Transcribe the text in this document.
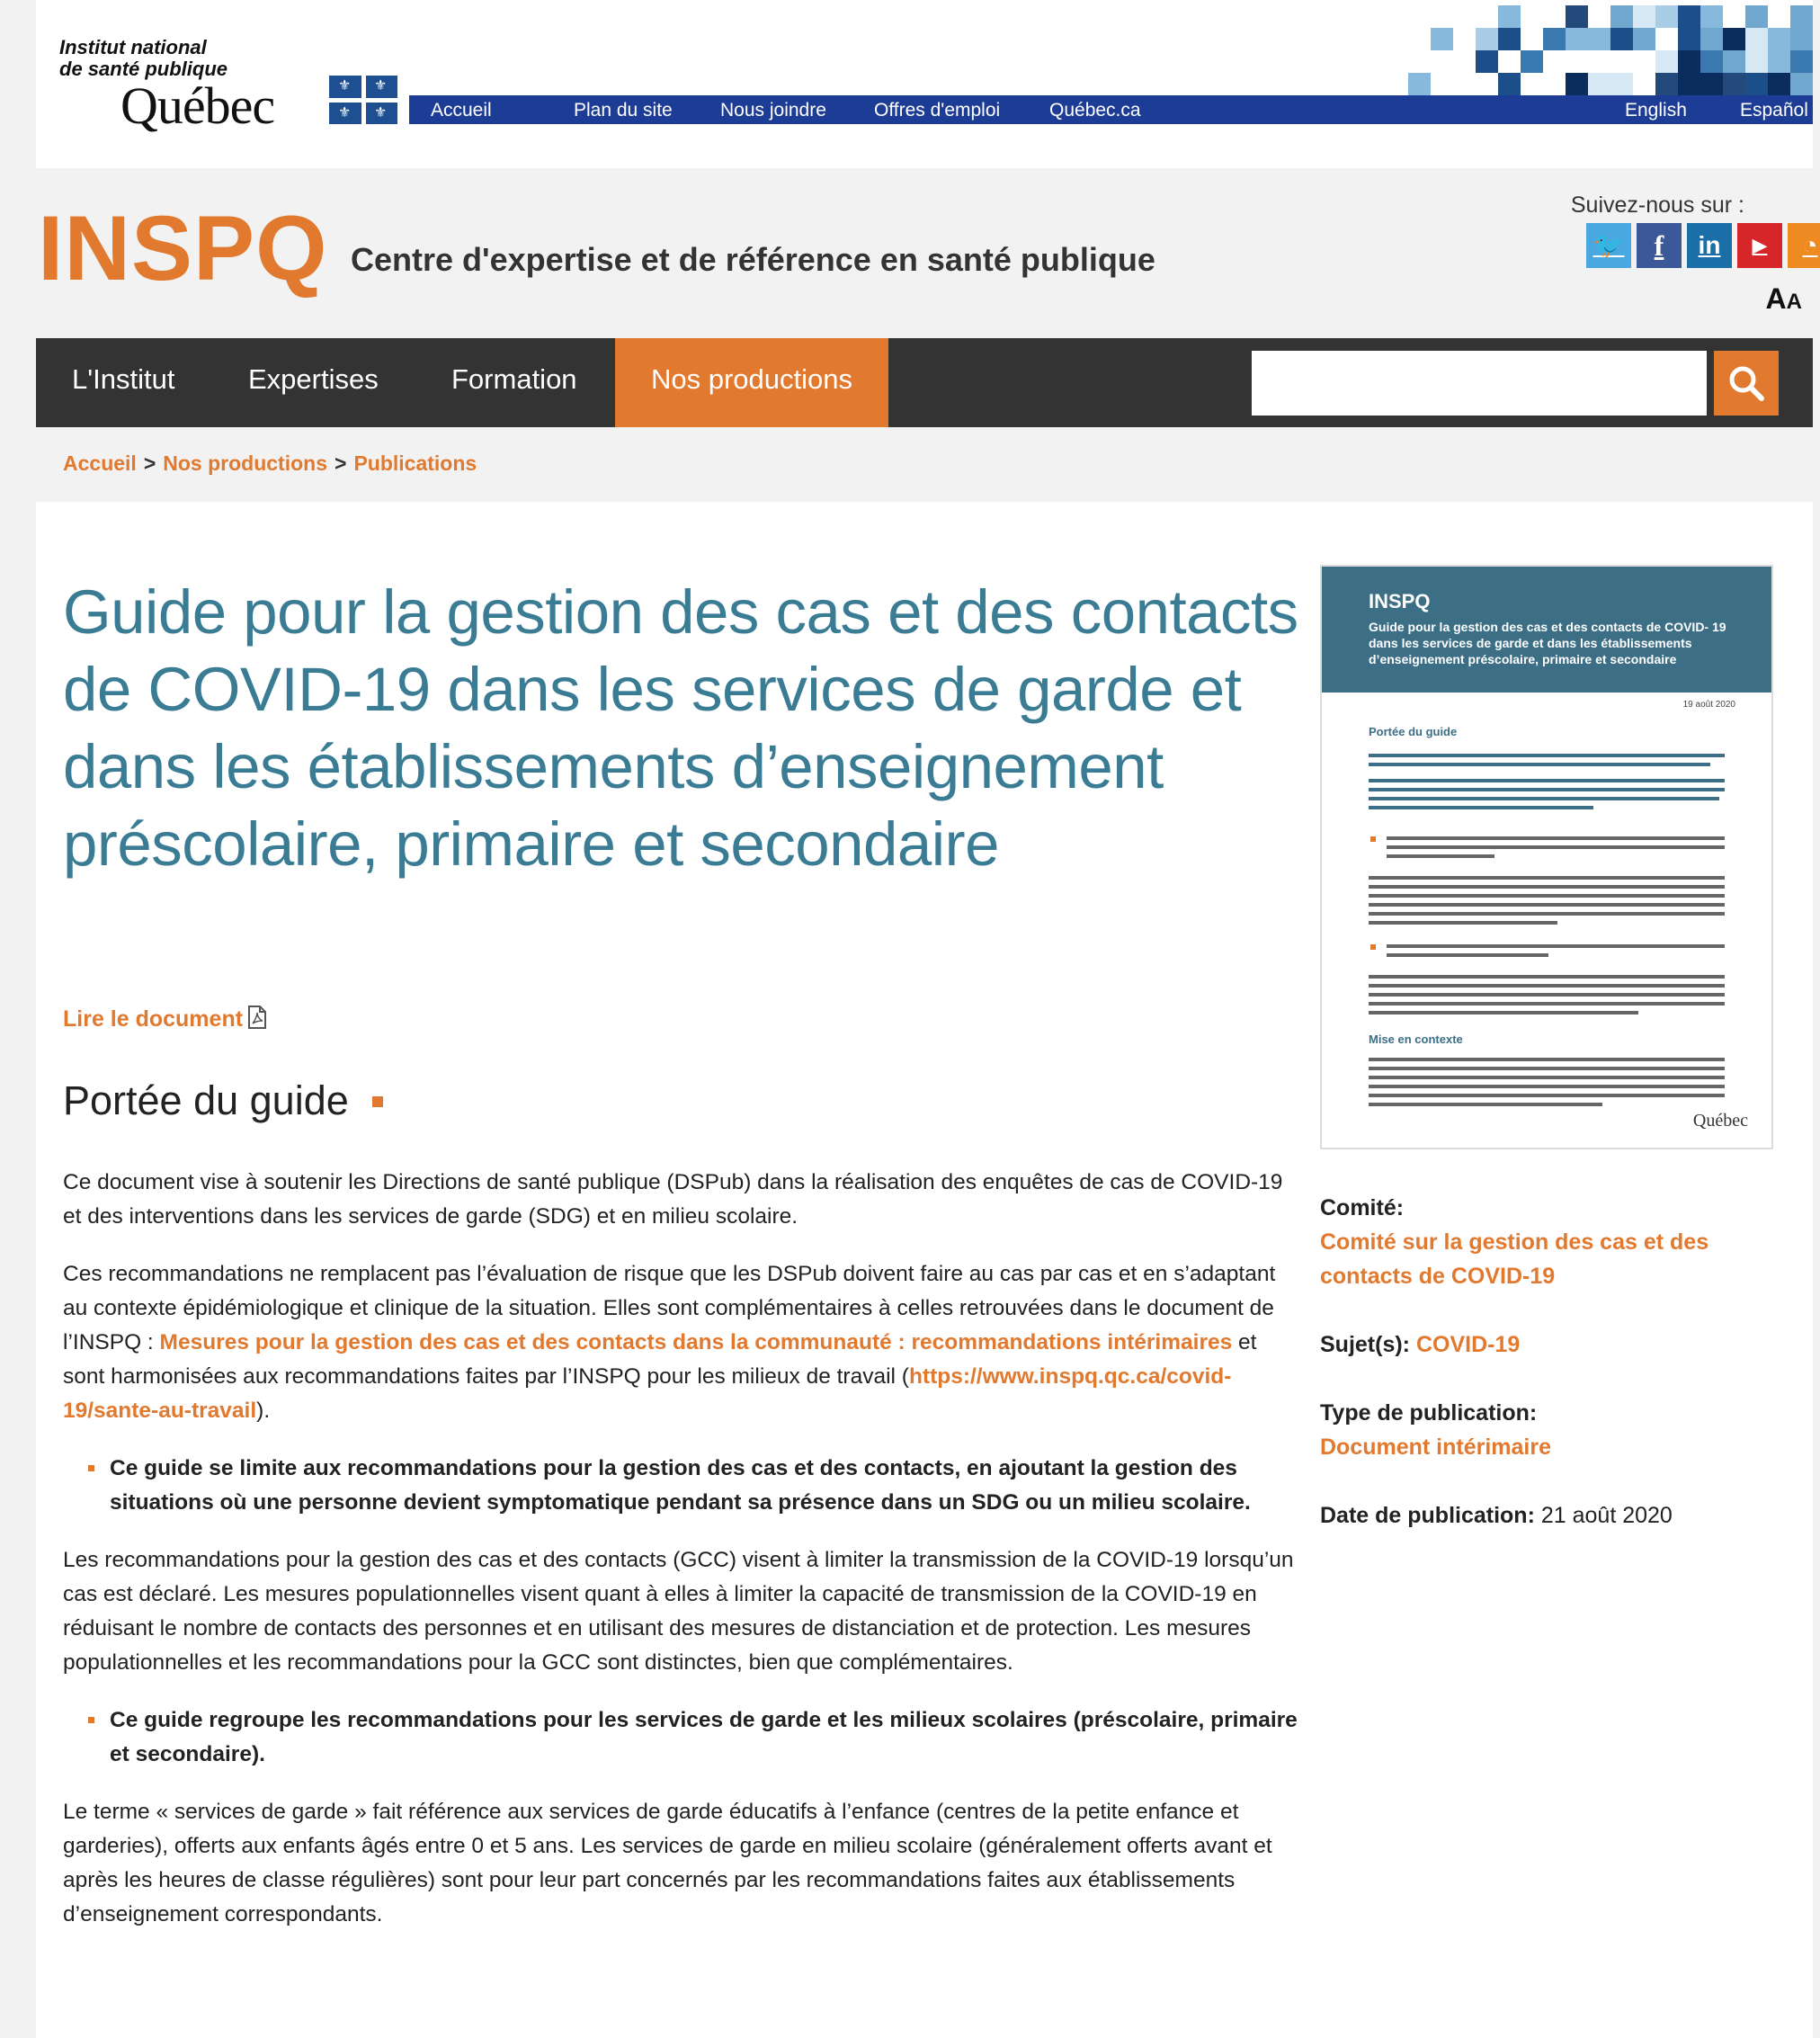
Institut national
de santé publique
Québec	⚜ ⚜
⚜ ⚜ Accueil	Plan du site	Nous joindre	Offres d'emploi	Québec.ca	English	Español
INSPQ Centre d'expertise et de référence en santé publique
Suivez-nous sur :
🐦	f	in	▶	◔
AA
L'Institut	Expertises	Formation	Nos productions
Accueil > Nos productions > Publications
Guide pour la gestion des cas et des contacts de COVID-19 dans les services de garde et dans les établissements d’enseignement préscolaire, primaire et secondaire
Lire le document
Portée du guide

Ce document vise à soutenir les Directions de santé publique (DSPub) dans la réalisation des enquêtes de cas de COVID-19 et des interventions dans les services de garde (SDG) et en milieu scolaire.

Ces recommandations ne remplacent pas l’évaluation de risque que les DSPub doivent faire au cas par cas et en s’adaptant au contexte épidémiologique et clinique de la situation. Elles sont complémentaires à celles retrouvées dans le document de l’INSPQ : Mesures pour la gestion des cas et des contacts dans la communauté : recommandations intérimaires et sont harmonisées aux recommandations faites par l’INSPQ pour les milieux de travail (https://www.inspq.qc.ca/covid-19/sante-au-travail).

Ce guide se limite aux recommandations pour la gestion des cas et des contacts, en ajoutant la gestion des situations où une personne devient symptomatique pendant sa présence dans un SDG ou un milieu scolaire.

Les recommandations pour la gestion des cas et des contacts (GCC) visent à limiter la transmission de la COVID-19 lorsqu’un cas est déclaré. Les mesures populationnelles visent quant à elles à limiter la capacité de transmission de la COVID-19 en réduisant le nombre de contacts des personnes et en utilisant des mesures de distanciation et de protection. Les mesures populationnelles et les recommandations pour la GCC sont distinctes, bien que complémentaires.

Ce guide regroupe les recommandations pour les services de garde et les milieux scolaires (préscolaire, primaire et secondaire).

Le terme « services de garde » fait référence aux services de garde éducatifs à l’enfance (centres de la petite enfance et garderies), offerts aux enfants âgés entre 0 et 5 ans. Les services de garde en milieu scolaire (généralement offerts avant et après les heures de classe régulières) sont pour leur part concernés par les recommandations faites aux établissements d’enseignement correspondants.

INSPQ
Guide pour la gestion des cas et des contacts de COVID- 19 dans les services de garde et dans les établissements d’enseignement préscolaire, primaire et secondaire
19 août 2020
Portée du guide
Mise en contexte
Québec
Comité:
Comité sur la gestion des cas et des contacts de COVID-19
Sujet(s): COVID-19
Type de publication:
Document intérimaire
Date de publication: 21 août 2020
